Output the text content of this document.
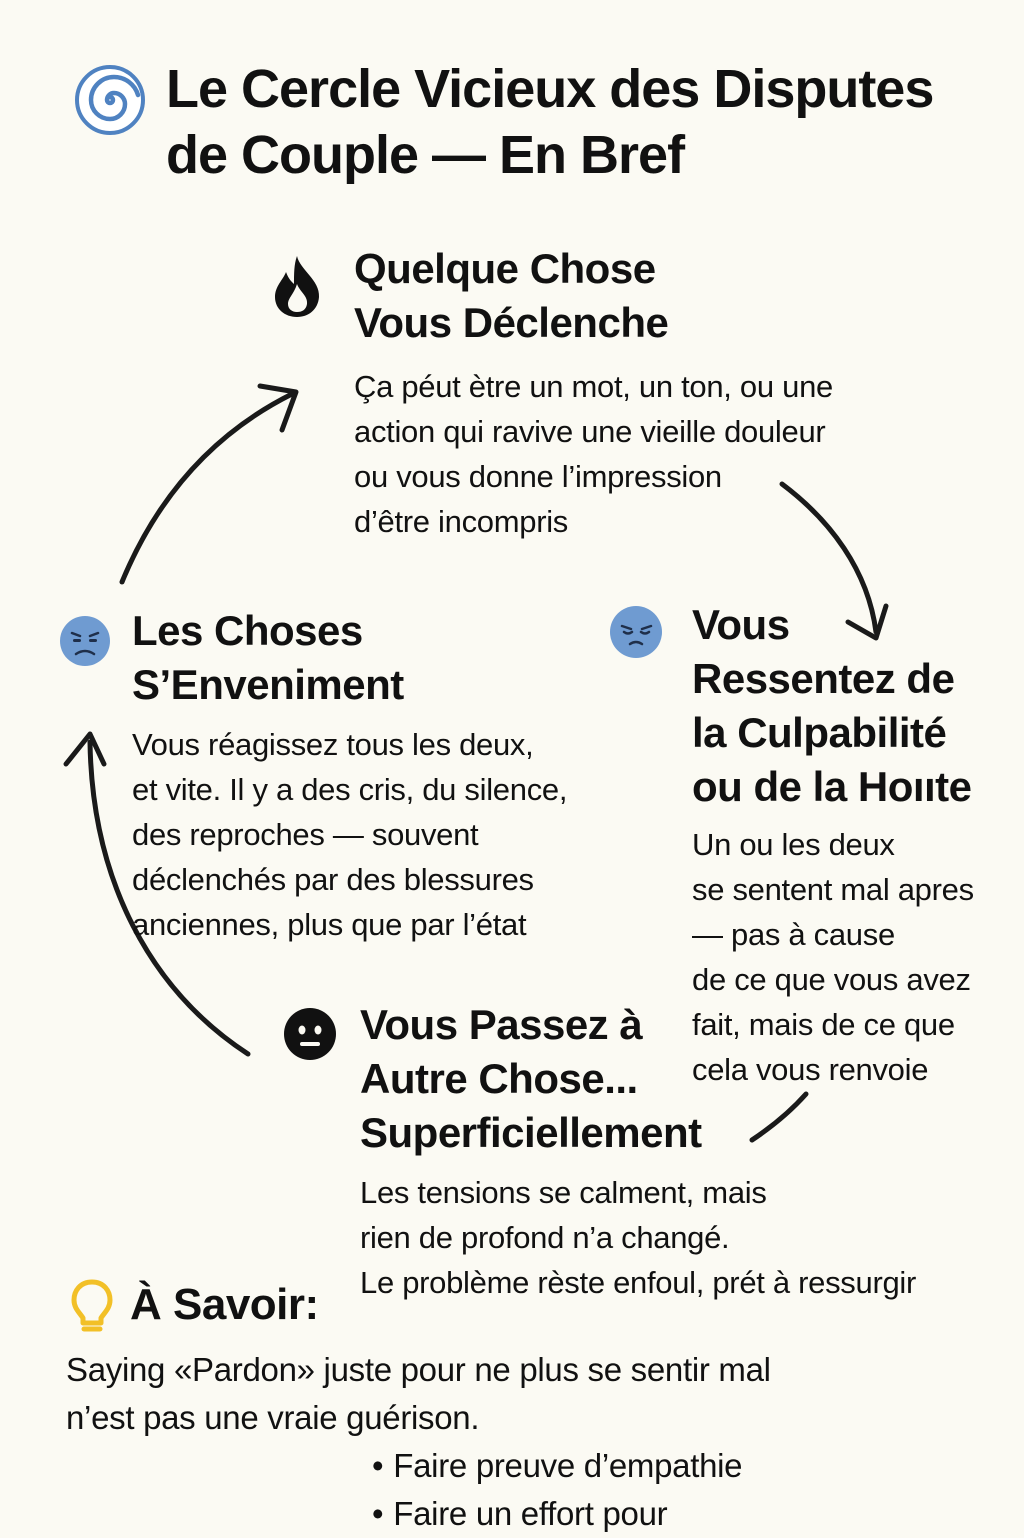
Le Cercle Vicieux des Disputes
de Couple — En Bref
Quelque Chose
Vous Déclenche

Ça péut ètre un mot, un ton, ou une
action qui ravive une vieille douleur
ou vous donne l’impression
d’être incompris

Vous
Ressentez de
la Culpabilité
ou de la Hoııte

Un ou les deux
se sentent mal apres
— pas à cause
de ce que vous avez
fait, mais de ce que
cela vous renvoie

Les Choses
S’Enveniment

Vous réagissez tous les deux,
et vite. Il y a des cris, du silence,
des reproches — souvent
déclenchés par des blessures
anciennes, plus que par l’état

Vous Passez à
Autre Chose...
Superficiellement

Les tensions se calment, mais
rien de profond n’a changé.
Le problème rèste enfoul, prét à ressurgir

À Savoir:

Saying «Pardon» juste pour ne plus se sentir mal
n’est pas une vraie guérison.

• Faire preuve d’empathie
• Faire un effort pour
